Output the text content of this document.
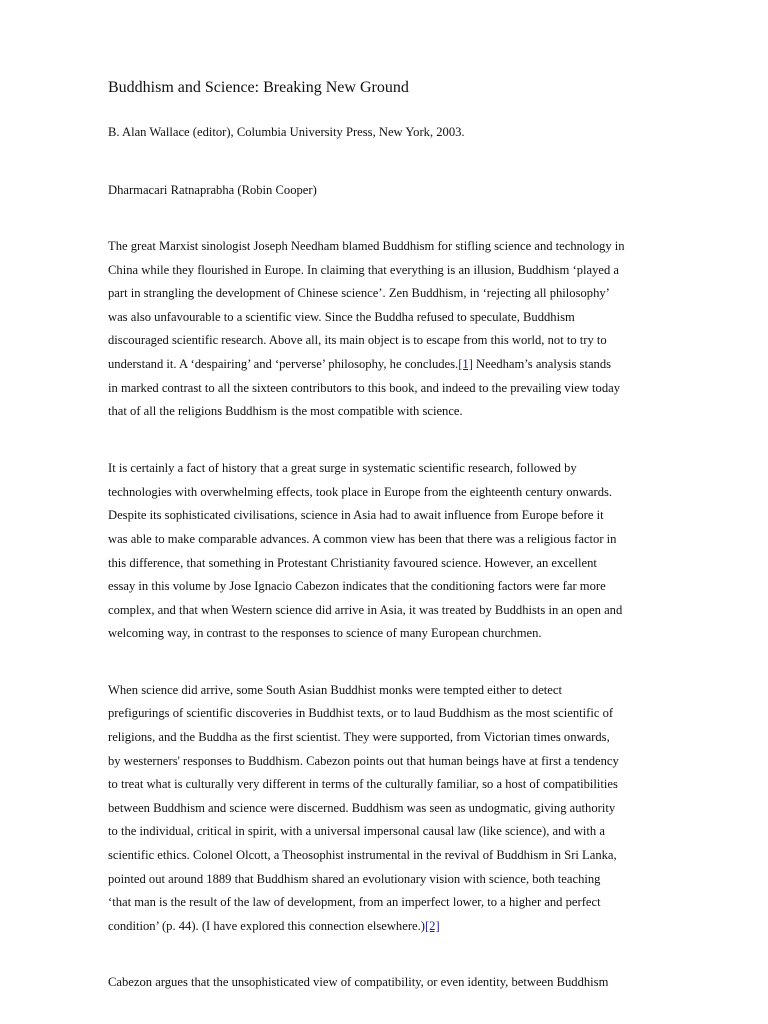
Buddhism and Science: Breaking New Ground

B. Alan Wallace (editor), Columbia University Press, New York, 2003.

Dharmacari Ratnaprabha (Robin Cooper)

The great Marxist sinologist Joseph Needham blamed Buddhism for stifling science and technology in

China while they flourished in Europe. In claiming that everything is an illusion, Buddhism ‘played a

part in strangling the development of Chinese science’. Zen Buddhism, in ‘rejecting all philosophy’

was also unfavourable to a scientific view. Since the Buddha refused to speculate, Buddhism

discouraged scientific research. Above all, its main object is to escape from this world, not to try to

understand it. A ‘despairing’ and ‘perverse’ philosophy, he concludes.[1] Needham’s analysis stands

in marked contrast to all the sixteen contributors to this book, and indeed to the prevailing view today

that of all the religions Buddhism is the most compatible with science.

It is certainly a fact of history that a great surge in systematic scientific research, followed by

technologies with overwhelming effects, took place in Europe from the eighteenth century onwards.

Despite its sophisticated civilisations, science in Asia had to await influence from Europe before it

was able to make comparable advances. A common view has been that there was a religious factor in

this difference, that something in Protestant Christianity favoured science. However, an excellent

essay in this volume by Jose Ignacio Cabezon indicates that the conditioning factors were far more

complex, and that when Western science did arrive in Asia, it was treated by Buddhists in an open and

welcoming way, in contrast to the responses to science of many European churchmen.

When science did arrive, some South Asian Buddhist monks were tempted either to detect

prefigurings of scientific discoveries in Buddhist texts, or to laud Buddhism as the most scientific of

religions, and the Buddha as the first scientist. They were supported, from Victorian times onwards,

by westerners' responses to Buddhism. Cabezon points out that human beings have at first a tendency

to treat what is culturally very different in terms of the culturally familiar, so a host of compatibilities

between Buddhism and science were discerned. Buddhism was seen as undogmatic, giving authority

to the individual, critical in spirit, with a universal impersonal causal law (like science), and with a

scientific ethics. Colonel Olcott, a Theosophist instrumental in the revival of Buddhism in Sri Lanka,

pointed out around 1889 that Buddhism shared an evolutionary vision with science, both teaching

‘that man is the result of the law of development, from an imperfect lower, to a higher and perfect

condition’ (p. 44). (I have explored this connection elsewhere.)[2]

Cabezon argues that the unsophisticated view of compatibility, or even identity, between Buddhism
